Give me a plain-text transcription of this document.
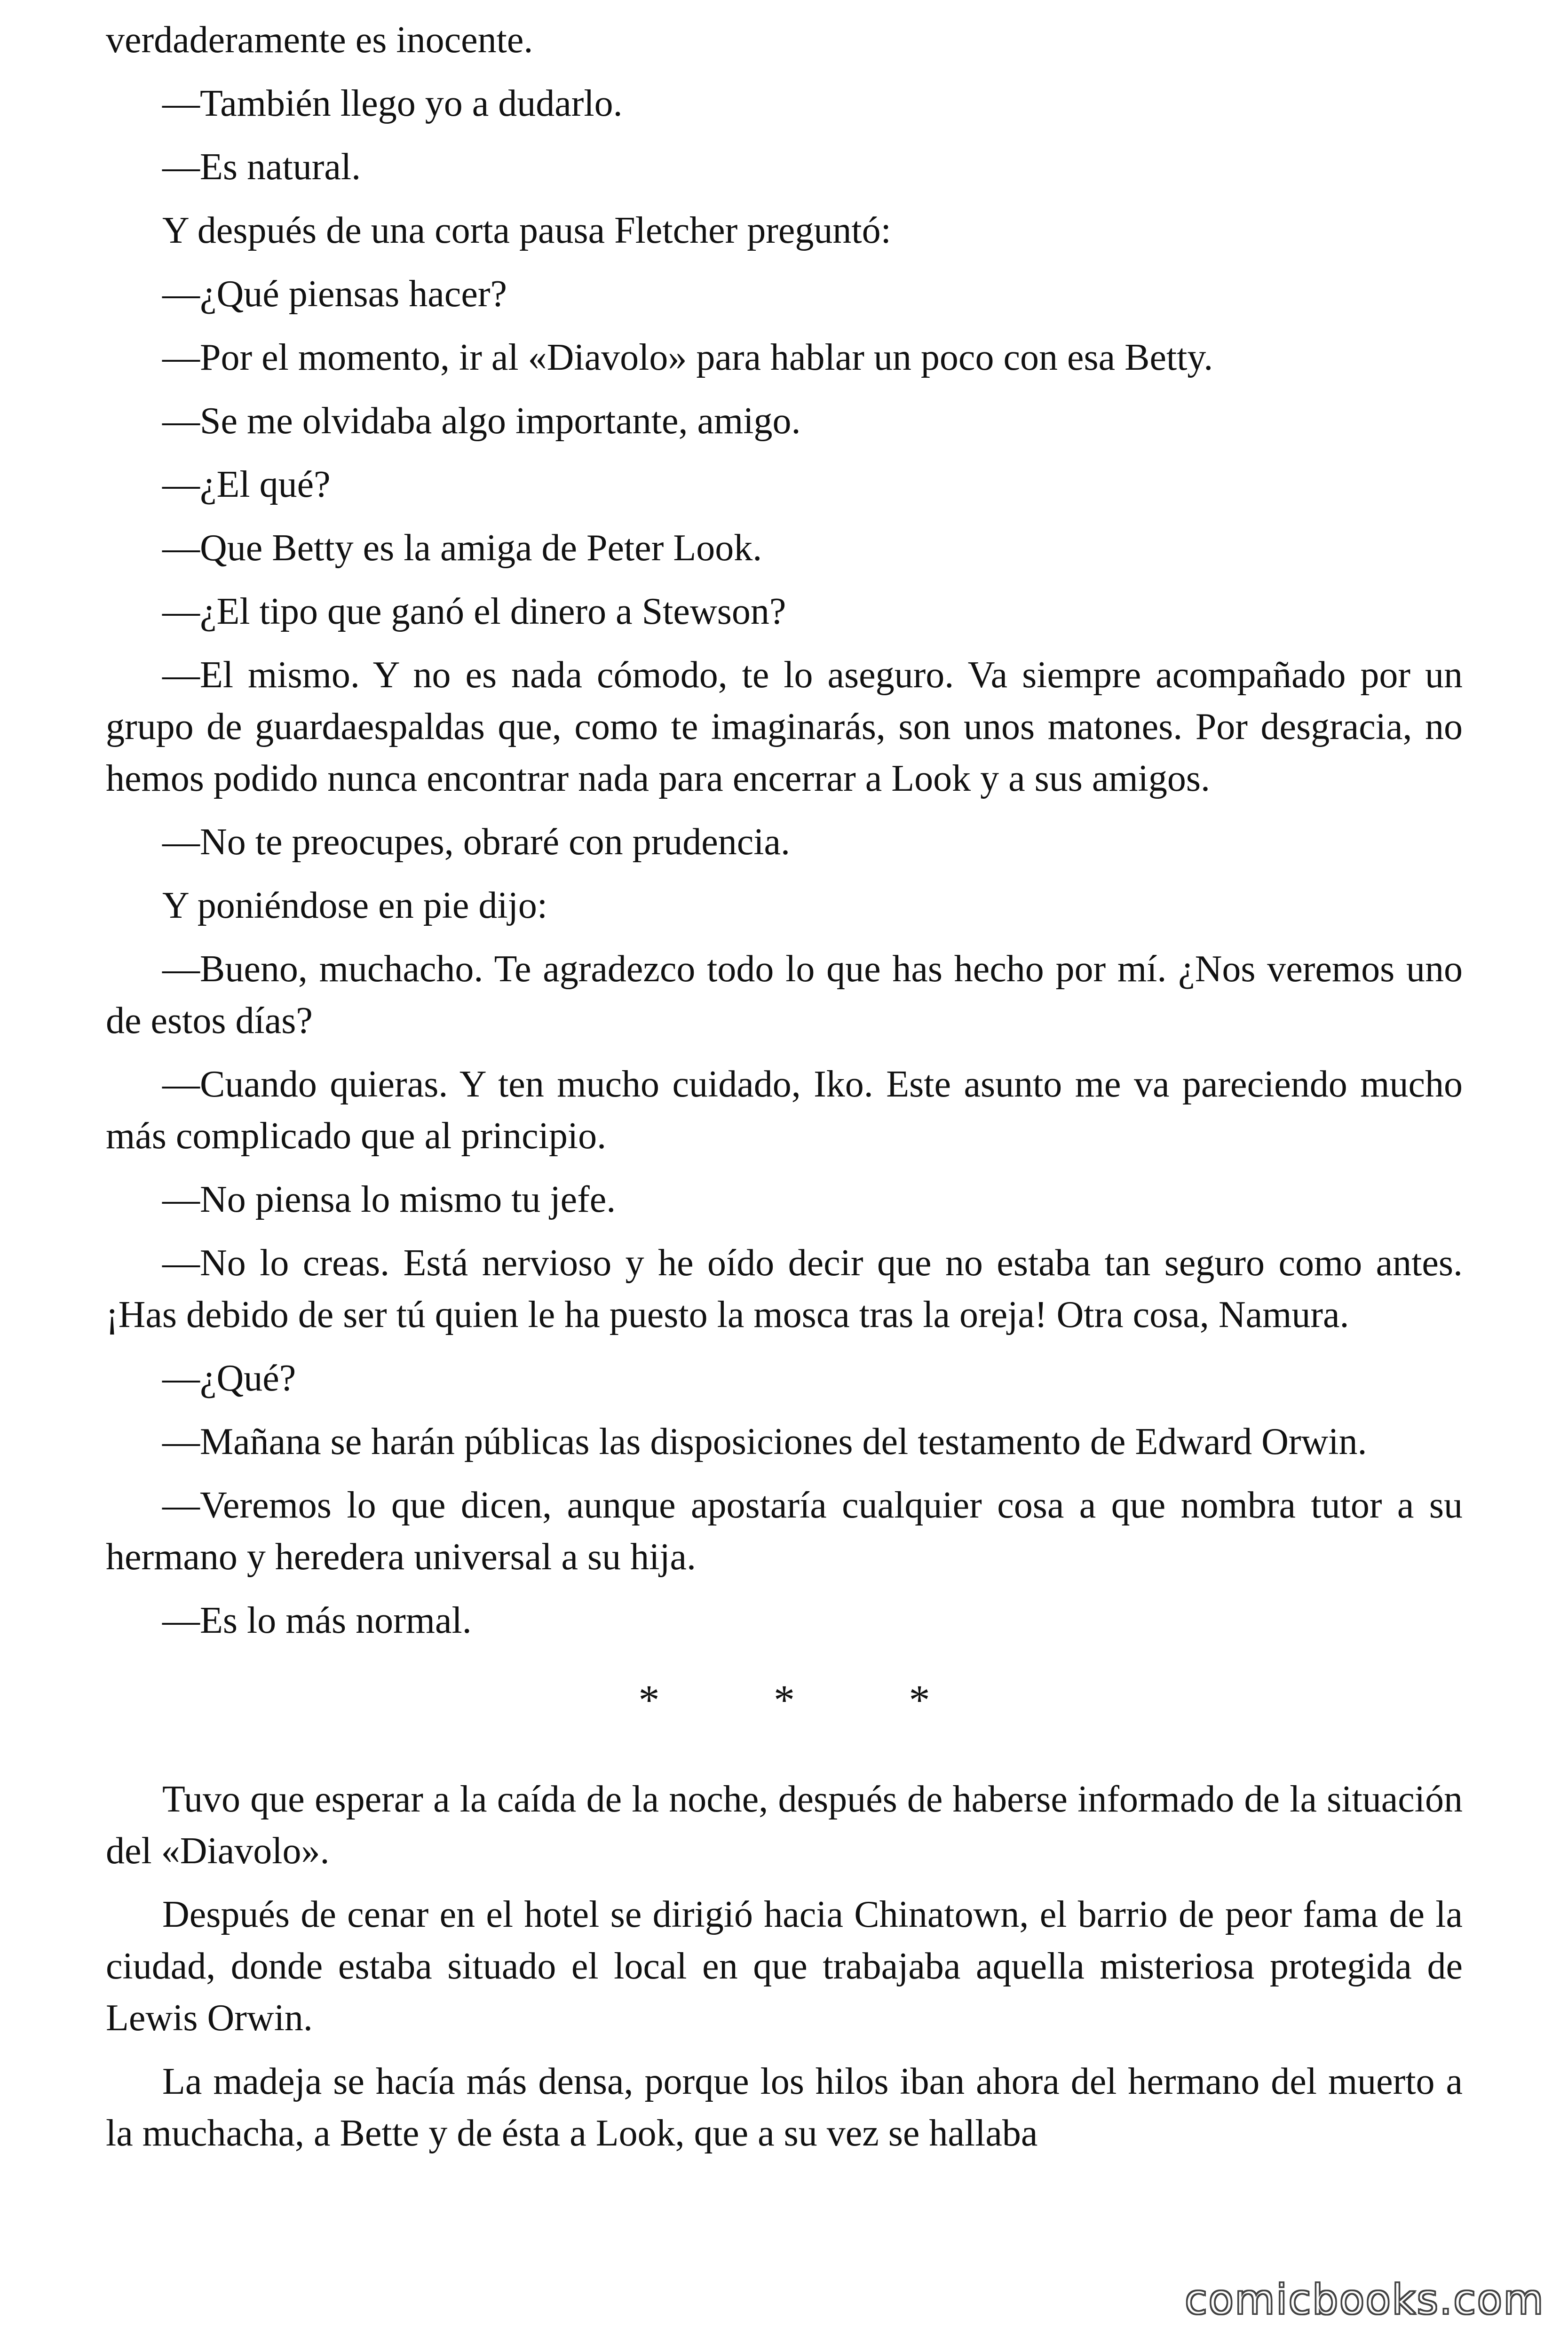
verdaderamente es inocente.

—También llego yo a dudarlo.

—Es natural.

Y después de una corta pausa Fletcher preguntó:

—¿Qué piensas hacer?

—Por el momento, ir al «Diavolo» para hablar un poco con esa Betty.

—Se me olvidaba algo importante, amigo.

—¿El qué?

—Que Betty es la amiga de Peter Look.

—¿El tipo que ganó el dinero a Stewson?

—El mismo. Y no es nada cómodo, te lo aseguro. Va siempre acompañado por un grupo de guardaespaldas que, como te imaginarás, son unos matones. Por desgracia, no hemos podido nunca encontrar nada para encerrar a Look y a sus amigos.

—No te preocupes, obraré con prudencia.

Y poniéndose en pie dijo:

—Bueno, muchacho. Te agradezco todo lo que has hecho por mí. ¿Nos veremos uno de estos días?

—Cuando quieras. Y ten mucho cuidado, Iko. Este asunto me va pareciendo mucho más complicado que al principio.

—No piensa lo mismo tu jefe.

—No lo creas. Está nervioso y he oído decir que no estaba tan seguro como antes. ¡Has debido de ser tú quien le ha puesto la mosca tras la oreja! Otra cosa, Namura.

—¿Qué?

—Mañana se harán públicas las disposiciones del testamento de Edward Orwin.

—Veremos lo que dicen, aunque apostaría cualquier cosa a que nombra tutor a su hermano y heredera universal a su hija.

—Es lo más normal.

* * *

Tuvo que esperar a la caída de la noche, después de haberse informado de la situación del «Diavolo».

Después de cenar en el hotel se dirigió hacia Chinatown, el barrio de peor fama de la ciudad, donde estaba situado el local en que trabajaba aquella misteriosa protegida de Lewis Orwin.

La madeja se hacía más densa, porque los hilos iban ahora del hermano del muerto a la muchacha, a Bette y de ésta a Look, que a su vez se hallaba

comicbooks.com
